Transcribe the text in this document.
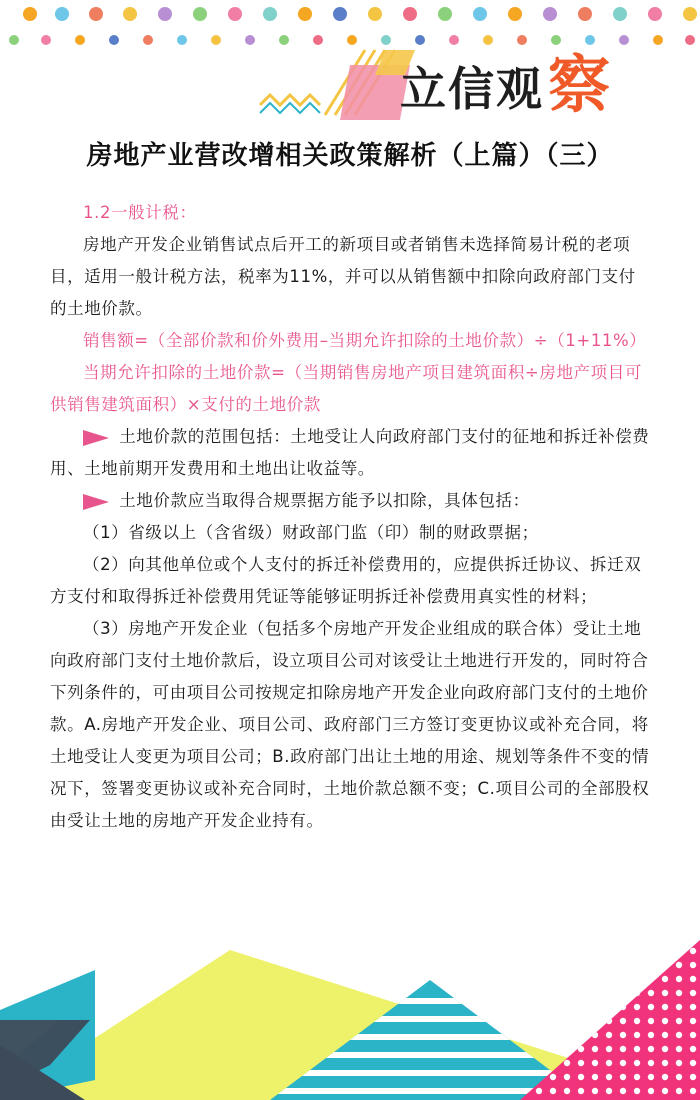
立信观 察
房地产业营改增相关政策解析（上篇）（三）

1.2一般计税：

房地产开发企业销售试点后开工的新项目或者销售未选择简易计税的老项目，适用一般计税方法，税率为11%，并可以从销售额中扣除向政府部门支付的土地价款。

销售额=（全部价款和价外费用–当期允许扣除的土地价款）÷（1+11%）

当期允许扣除的土地价款=（当期销售房地产项目建筑面积÷房地产项目可供销售建筑面积）×支付的土地价款

土地价款的范围包括：土地受让人向政府部门支付的征地和拆迁补偿费用、土地前期开发费用和土地出让收益等。

土地价款应当取得合规票据方能予以扣除，具体包括：

（1）省级以上（含省级）财政部门监（印）制的财政票据；

（2）向其他单位或个人支付的拆迁补偿费用的，应提供拆迁协议、拆迁双方支付和取得拆迁补偿费用凭证等能够证明拆迁补偿费用真实性的材料；

（3）房地产开发企业（包括多个房地产开发企业组成的联合体）受让土地向政府部门支付土地价款后，设立项目公司对该受让土地进行开发的，同时符合下列条件的，可由项目公司按规定扣除房地产开发企业向政府部门支付的土地价款。A.房地产开发企业、项目公司、政府部门三方签订变更协议或补充合同，将土地受让人变更为项目公司；B.政府部门出让土地的用途、规划等条件不变的情况下，签署变更协议或补充合同时，土地价款总额不变；C.项目公司的全部股权由受让土地的房地产开发企业持有。
